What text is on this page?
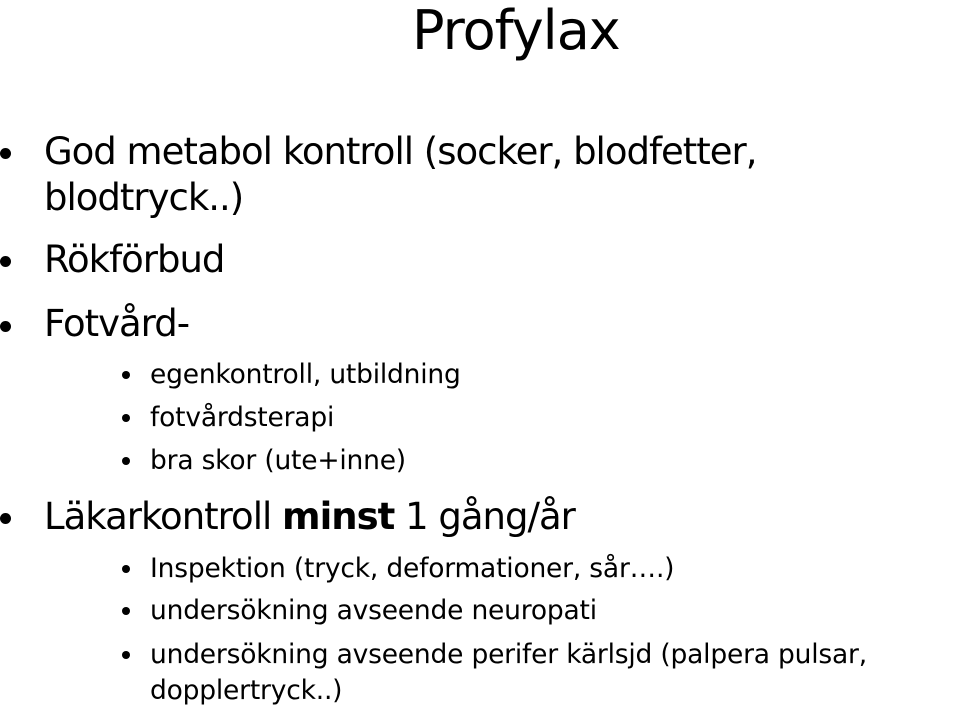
Profylax
God metabol kontroll (socker, blodfetter,
blodtryck..)
Rökförbud
Fotvård-
egenkontroll, utbildning
fotvårdsterapi
bra skor (ute+inne)
Läkarkontroll minst 1 gång/år
Inspektion (tryck, deformationer, sår….)
undersökning avseende neuropati
undersökning avseende perifer kärlsjd (palpera pulsar,
dopplertryck..)
